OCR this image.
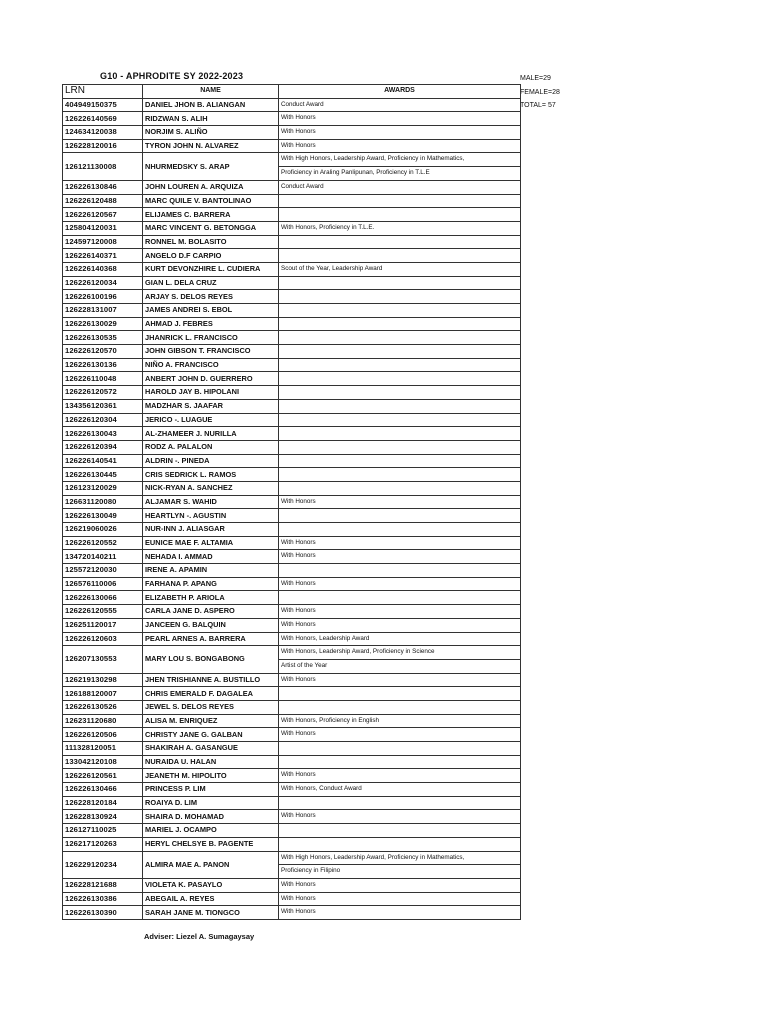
G10 - APHRODITE SY 2022-2023	MALE=29
FEMALE=28
TOTAL= 57
LRN	NAME	AWARDS
404949150375	DANIEL JHON B. ALIANGAN	Conduct Award

126226140569	RIDZWAN S. ALIH	With Honors

124634120038	NORJIM S. ALIÑO	With Honors

126228120016	TYRON JOHN N. ALVAREZ	With Honors

126121130008	NHURMEDSKY S. ARAP	With High Honors, Leadership Award, Proficiency in Mathematics,
Proficiency in Araling Panlipunan, Proficiency in T.L.E

126226130846	JOHN LOUREN A. ARQUIZA	Conduct Award

126226120488	MARC QUILE V. BANTOLINAO	

126226120567	ELIJAMES C. BARRERA	

125804120031	MARC VINCENT G. BETONGGA	With Honors, Proficiency in T.L.E.

124597120008	RONNEL M. BOLASITO	

126226140371	ANGELO D.F CARPIO	

126226140368	KURT DEVONZHIRE L. CUDIERA	Scout of the Year, Leadership Award

126226120034	GIAN L. DELA CRUZ	

126226100196	ARJAY S. DELOS REYES	

126228131007	JAMES ANDREI S. EBOL	

126226130029	AHMAD J. FEBRES	

126226130535	JHANRICK L. FRANCISCO	

126226120570	JOHN GIBSON T. FRANCISCO	

126226130136	NIÑO A. FRANCISCO	

126226110048	ANBERT JOHN D. GUERRERO	

126226120572	HAROLD JAY B. HIPOLANI	

134356120361	MADZHAR S. JAAFAR	

126226120304	JERICO -. LUAGUE	

126226130043	AL-ZHAMEER J. NURILLA	

126226120394	RODZ A. PALALON	

126226140541	ALDRIN -. PINEDA	

126226130445	CRIS SEDRICK L. RAMOS	

126123120029	NICK-RYAN A. SANCHEZ	

126631120080	ALJAMAR S. WAHID	With Honors

126226130049	HEARTLYN -. AGUSTIN	

126219060026	NUR-INN J. ALIASGAR	

126226120552	EUNICE MAE F. ALTAMIA	With Honors

134720140211	NEHADA I. AMMAD	With Honors

125572120030	IRENE A. APAMIN	

126576110006	FARHANA P. APANG	With Honors

126226130066	ELIZABETH P. ARIOLA	

126226120555	CARLA JANE D. ASPERO	With Honors

126251120017	JANCEEN G. BALQUIN	With Honors

126226120603	PEARL ARNES A. BARRERA	With Honors, Leadership Award

126207130553	MARY LOU S. BONGABONG	With Honors, Leadership Award, Proficiency in Science
Artist of the Year

126219130298	JHEN TRISHIANNE A. BUSTILLO	With Honors

126188120007	CHRIS EMERALD F. DAGALEA	

126226130526	JEWEL S. DELOS REYES	

126231120680	ALISA M. ENRIQUEZ	With Honors, Proficiency in English

126226120506	CHRISTY JANE G. GALBAN	With Honors

111328120051	SHAKIRAH A. GASANGUE	

133042120108	NURAIDA U. HALAN	

126226120561	JEANETH M. HIPOLITO	With Honors

126226130466	PRINCESS P. LIM	With Honors, Conduct Award

126228120184	ROAIYA D. LIM	

126228130924	SHAIRA D. MOHAMAD	With Honors

126127110025	MARIEL J. OCAMPO	

126217120263	HERYL CHELSYE B. PAGENTE	

126229120234	ALMIRA MAE A. PANON	With High Honors, Leadership Award, Proficiency in Mathematics,
Proficiency in Filipino

126228121688	VIOLETA K. PASAYLO	With Honors

126226130386	ABEGAIL A. REYES	With Honors

126226130390	SARAH JANE M. TIONGCO	With Honors
Adviser: Liezel A. Sumagaysay
